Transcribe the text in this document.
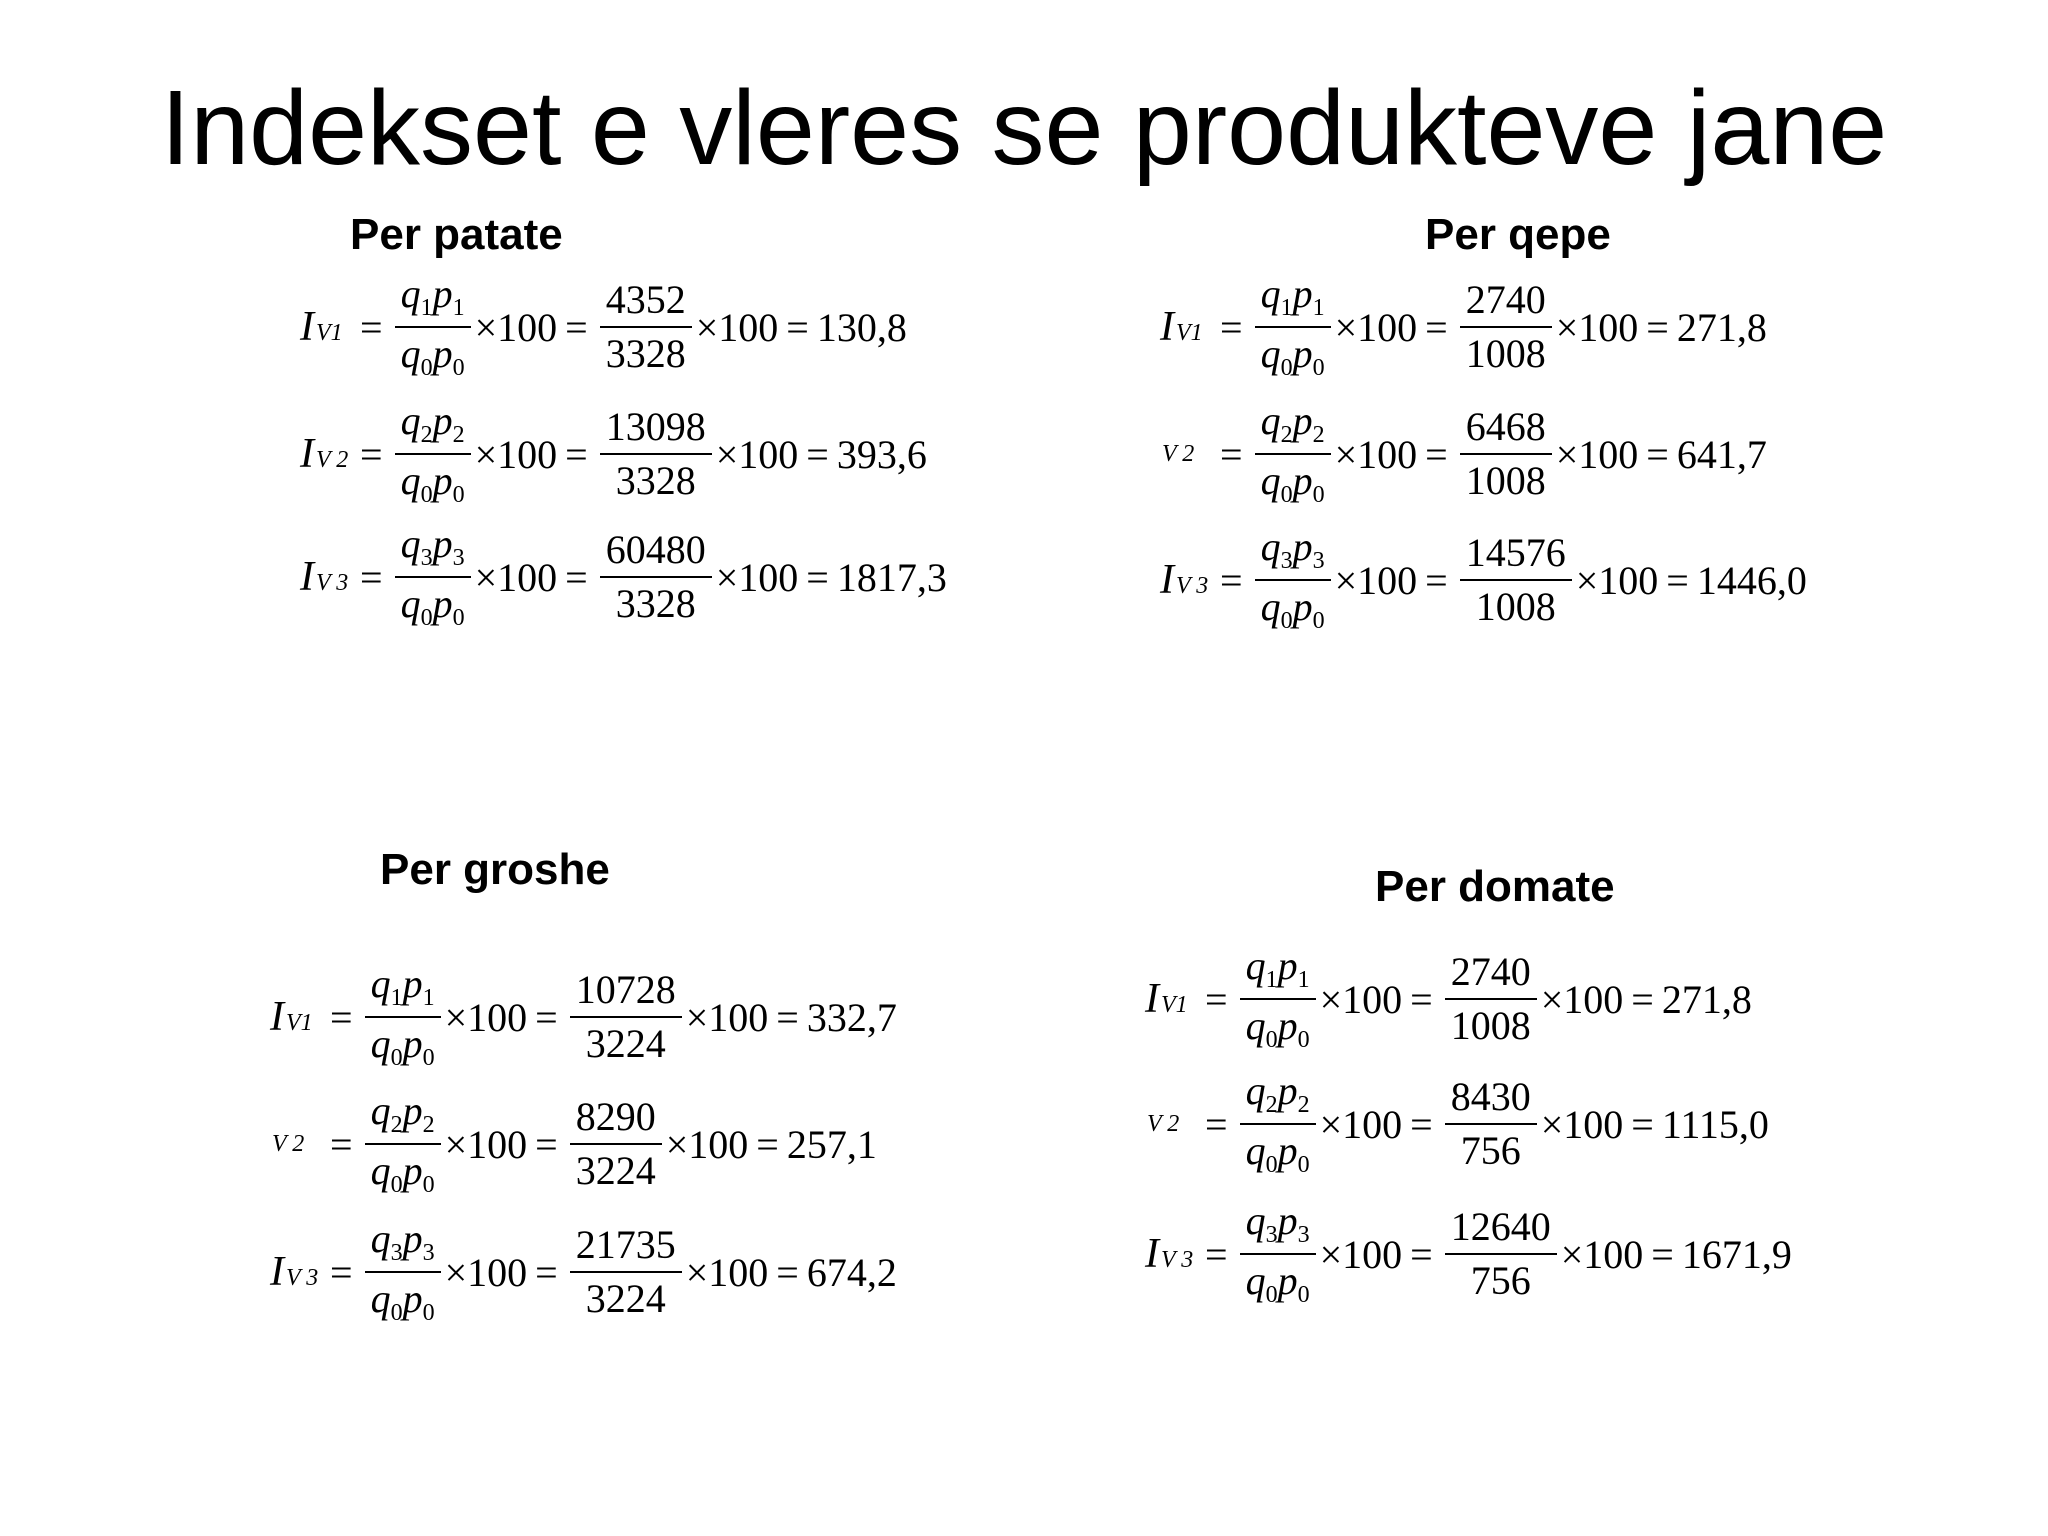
Indekset e vleres se produkteve jane
Per patate
I $V1 = \frac{q_1p_1}{q_0p_0} \times 100 = \frac{4352}{3328} \times 100 = 130,8$
I V $2 = \frac{q_2p_2}{q_0p_0} \times 100 = \frac{13098}{3328} \times 100 = 393,6$
I V $3 = \frac{q_3p_3}{q_0p_0} \times 100 = \frac{60480}{3328} \times 100 = 1817,3$
Per qepe
I $V1 = \frac{q_1p_1}{q_0p_0} \times 100 = \frac{2740}{1008} \times 100 = 271,8$
V $2 = \frac{q_2p_2}{q_0p_0} \times 100 = \frac{6468}{1008} \times 100 = 641,7$
I V $3 = \frac{q_3p_3}{q_0p_0} \times 100 = \frac{14576}{1008} \times 100 = 1446,0$
Per groshe
I $V1 = \frac{q_1p_1}{q_0p_0} \times 100 = \frac{10728}{3224} \times 100 = 332,7$
V $2 = \frac{q_2p_2}{q_0p_0} \times 100 = \frac{8290}{3224} \times 100 = 257,1$
I V $3 = \frac{q_3p_3}{q_0p_0} \times 100 = \frac{21735}{3224} \times 100 = 674,2$
Per domate
I $V1 = \frac{q_1p_1}{q_0p_0} \times 100 = \frac{2740}{1008} \times 100 = 271,8$
V $2 = \frac{q_2p_2}{q_0p_0} \times 100 = \frac{8430}{756} \times 100 = 1115,0$
I V $3 = \frac{q_3p_3}{q_0p_0} \times 100 = \frac{12640}{756} \times 100 = 1671,9$
